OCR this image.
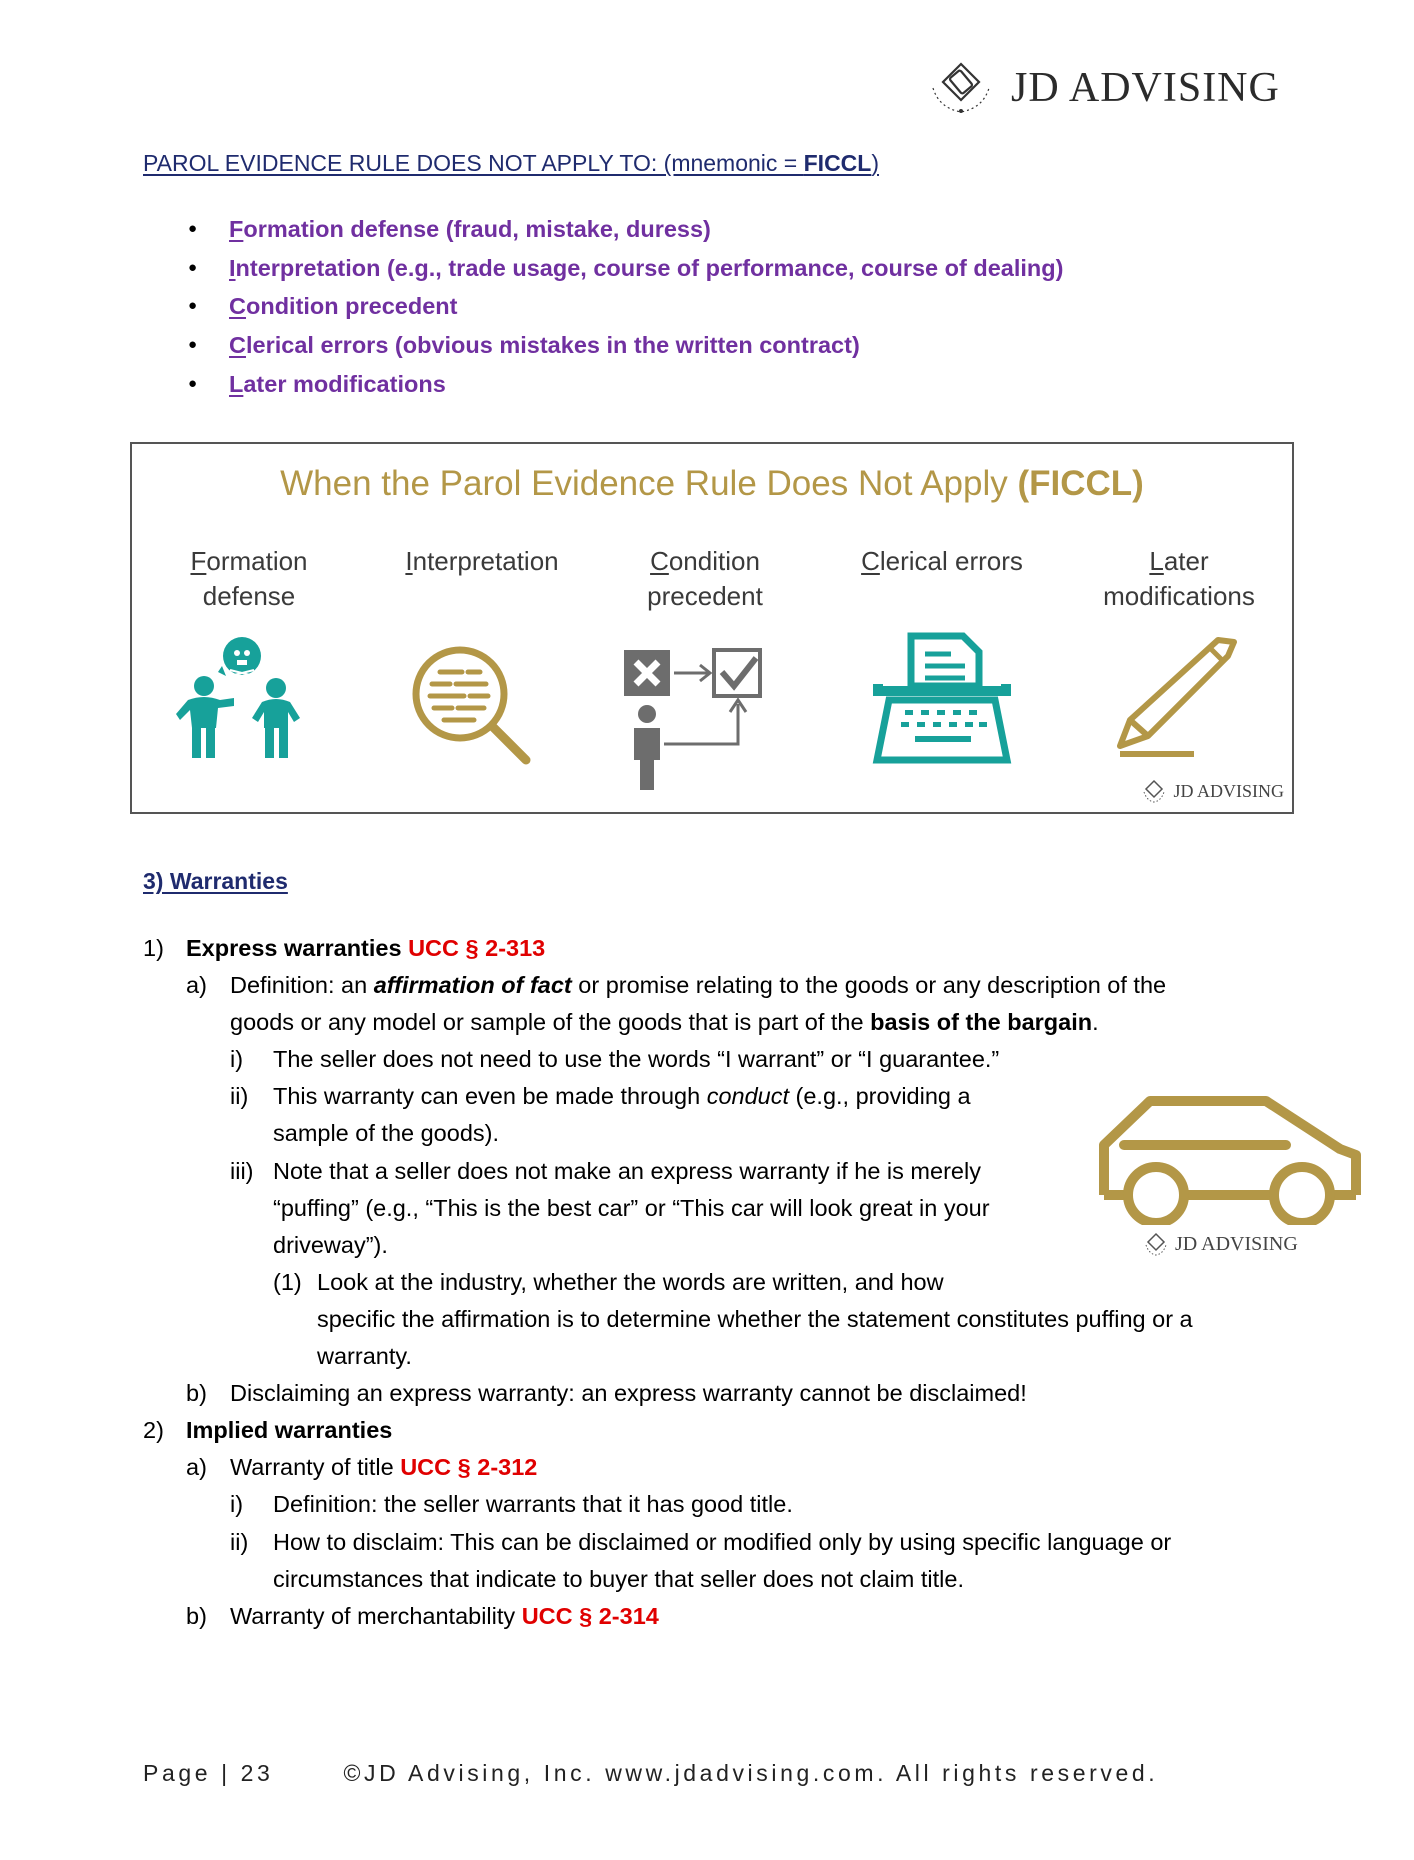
JD ADVISING
PAROL EVIDENCE RULE DOES NOT APPLY TO: (mnemonic = FICCL)
● Formation defense (fraud, mistake, duress)
● Interpretation (e.g., trade usage, course of performance, course of dealing)
● Condition precedent
● Clerical errors (obvious mistakes in the written contract)
● Later modifications
When the Parol Evidence Rule Does Not Apply (FICCL)
Formation
defense
Interpretation	Condition
precedent
Clerical errors	Later
modifications
JD ADVISING
3) Warranties
1) Express warranties UCC § 2-313
a) Definition: an affirmation of fact or promise relating to the goods or any description of the
goods or any model or sample of the goods that is part of the basis of the bargain.
i) The seller does not need to use the words “I warrant” or “I guarantee.”
ii) This warranty can even be made through conduct (e.g., providing a
sample of the goods).
iii) Note that a seller does not make an express warranty if he is merely
“puffing” (e.g., “This is the best car” or “This car will look great in your
driveway”).
(1) Look at the industry, whether the words are written, and how
specific the affirmation is to determine whether the statement constitutes puffing or a
warranty.
b) Disclaiming an express warranty: an express warranty cannot be disclaimed!
JD ADVISING
2) Implied warranties
a) Warranty of title UCC § 2-312
i) Definition: the seller warrants that it has good title.
ii) How to disclaim: This can be disclaimed or modified only by using specific language or
circumstances that indicate to buyer that seller does not claim title.
b) Warranty of merchantability UCC § 2-314
Page | 23	©JD Advising, Inc. www.jdadvising.com. All rights reserved.
